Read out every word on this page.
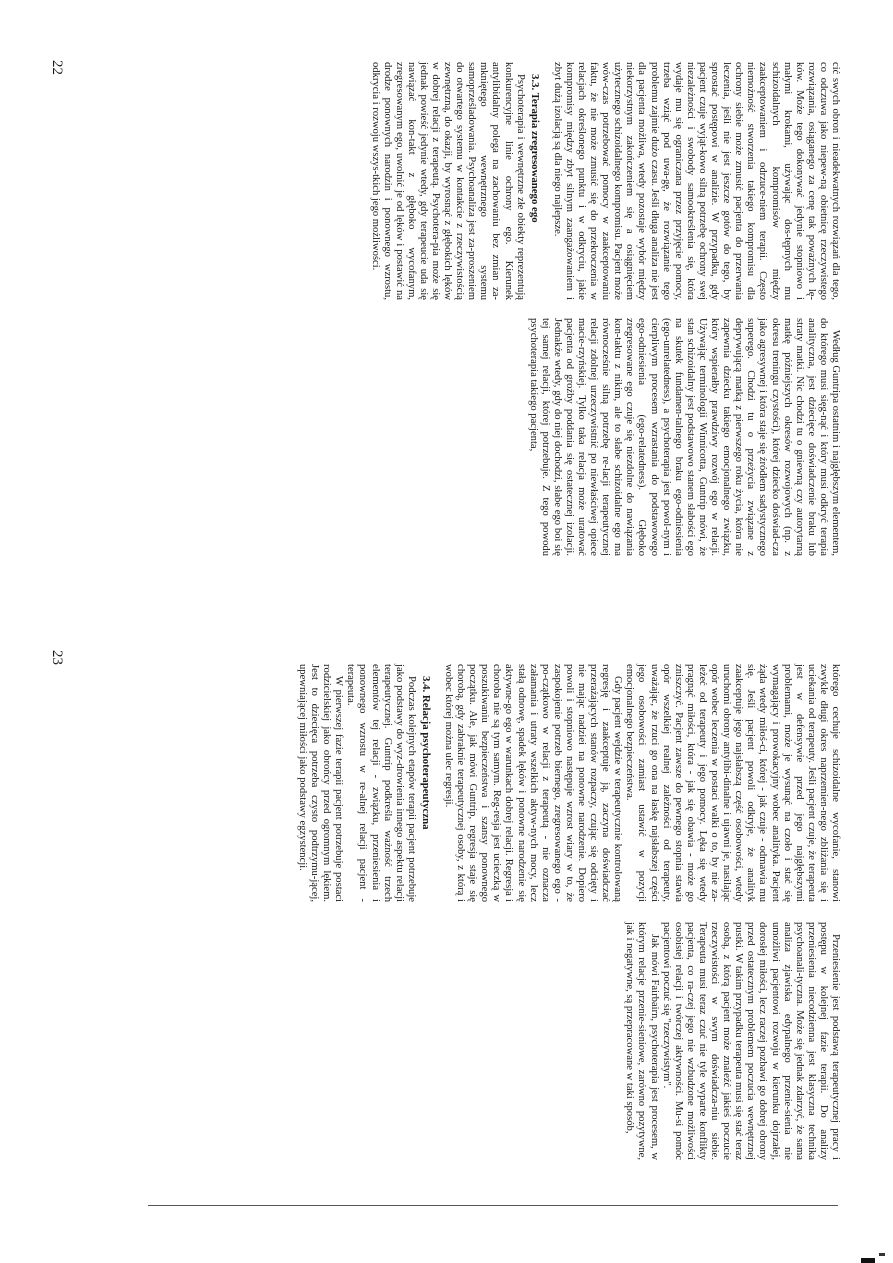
cić swych obron i nieadekwatnych rozwiązań dla tego, co odczuwa jako niepew-ną obietnicę rzeczywistego rozwiązania, osiąganego za cenę tak poważnych lę-ków. Może tego dokonywać jedynie stopniowo i małymi krokami, używając dos-tępnych mu schizoidalnych kompromisów między zaakceptowaniem i odrzuce-niem terapii. Często niemożność stworzenia takiego kompromisu dla ochrony siebie może zmusić pacjenta do przerwania leczenia, jeśli nie jest jeszcze gotów do tego, by sprostać postępowi w analizie. W przypadku, gdy pacjent czuje wyjąt-kowo silną potrzebę ochrony swej niezależności i swobody samookreślenia się, która wydaje mu się ograniczana przez przyjęcie pomocy, trzeba wziąć pod uwa-gę, że rozwiązanie tego problemu zajmie dużo czasu. Jeśli długa analiza nie jest dla pacjenta możliwa, wtedy pozostaje wybór między niekorzystnym zakończeniem się a osiągnięciem użytecznego schizoidalnego kompromisu. Pacjent może wów-czas potrzebować pomocy w zaakceptowaniu faktu, że nie może zmusić się do przekroczenia w relacjach określonego punktu i w odkryciu, jakie kompromisy między zbyt silnym zaangażowaniem i zbyt dużą izolacją są dla niego najlepsze.

3.3. Terapia zregresowanego ego

Psychoterapia i wewnętrzne złe obiekty reprezentują konkurencyjne linie ochrony ego. Kierunek antylibidalny polega na zachowaniu bez zmian za-mkniętego wewnętrznego systemu samoprześladowania. Psychoanaliza jest za-proszeniem do otwartego systemu w kontakcie z rzeczywistością zewnętrzną, do okazji, by wyrosnąć z głębokich lęków w dobrej relacji z terapeutą. Psychotera-pia może się jednak powieść jedynie wtedy, gdy terapeucie uda się nawiązać kon-takt z głęboko wycofanym, zregresowanym ego, uwolnić je od lęków i postawić na drodze ponownych narodzin i ponownego wzrostu, odkrycia i rozwoju wszys-tkich jego możliwości.

Według Guntripa ostatnim i najgłębszym elementem, do którego musi sięg-nąć i który musi odkryć terapia analityczna, jest dziecięce doświadczenie braku lub straty matki. Nic chodzi tu o gniewną czy autorytarną matkę późniejszych okresów rozwojowych (np. z okresu treningu czystości), której dziecko doświad-cza jako agresywnej i która staje się źródłem sadystycznego superego. Chodzi tu o przeżycia związane z deprywującą matką z pierwszego roku życia, która nie zapewnia dziecku takiego emocjonalnego związku, który wspierałby prawdziwy rozwój ego w relacji. Używając terminologii Winnicotta, Guntrip mówi, że stan schizoidalny jest podstawowo stanem słabości ego na skutek fundamen-talnego braku ego-odniesienia (ego-unrelatedness), a psychoterapia jest powol-nym i cierpliwym procesem wzrastania do podstawowego ego-odniesienia (ego-relatedness). Głęboko zregresowane ego czuje się niezdolne do nawiązania kon-taktu z nikim, ale to słabe schizoidalne ego ma równocześnie silną potrzebę re-lacji terapeutycznej relacji zdolnej urzeczywistnić po niewłaściwej opiece macie-rzyńskiej. Tylko taka relacja może uratować pacjenta od groźby poddania się ostatecznej izolacji. Jednakże wtedy, gdy do niej dochodzi, słabe ego boi się tej samej relacji, której potrzebuje. Z tego powodu psychoterapia takiego pacjenta,

22

którego cechuje schizoidalne wycofanie, stanowi zwykle długi okres naprzemien-nego zbliżania się i uciekania od terapeuty. Jeśli pacjent czuje, że terapeuta jest w defensywie przed jego najgłębszymi problemami, może je wysunąć na czoło i stać się wymagający i prowokacyjny wobec analityka. Pacjent żąda wtedy miłoś-ci, której - jak czuje - odmawia mu się. Jeśli pacjent powoli odkryje, że analityk zaakceptuje jego najsłabszą część osobowości, wtedy uruchomi obrony antylibi-dinalne i ujawni je, nasilając opór wobec leczenia w postaci walki o to, by nie za-leżeć od terapeuty i jego pomocy. Lęka się wtedy pragnąć miłości, która - jak się obawia - może go zniszczyć. Pacjent zawsze do pewnego stopnia stawia opór wszelkiej realnej zależności od terapeuty, uważając, że rzuci go ona na łaskę najsłabszej części jego osobowości zamiast ustawić w pozycji emocjonalnego bezpieczeństwa.

Gdy pacjent wejdzie w terapeutycznie kontrolowaną regresję i zaakceptuje ją, zaczyna doświadczać przerażających stanów rozpaczy, czując się odcięty i nie mając nadziei na ponowne narodzenie. Dopiero powoli i stopniowo następuje wzrost wiary w to, że zaspokojenie potrzeb biernego, zregresowanego ego - po-czątkowo w relacji z terapeutą - nie oznacza załamania i utraty wszelkich aktyw-nych mocy, lecz stałą odnowę, spadek lęków i ponowne narodzenie się aktywne-go ego w warunkach dobrej relacji. Regresja i choroba nie są tym samym. Reg-resja jest ucieczką w poszukiwaniu bezpieczeństwa i szansy ponownego początku. Ale, jak mówi Guntrip, regresja staje się chorobą, gdy zabraknie terapeutycznej osoby, z którą i wobec której można ulec regresji.

3.4. Relacja psychoterapeutyczna

Podczas kolejnych etapów terapii pacjent potrzebuje jako podstawy do wyz-drowienia innego aspektu relacji terapeutycznej. Guntrip podkreśla ważność trzech elementów tej relacji - związku, przeniesienia i ponownego wzrostu w re-alnej relacji pacjent - terapeuta.

W pierwszej fazie terapii pacjent potrzebuje postaci rodzicielskiej jako obrońcy przed ogromnym lękiem. Jest to dziecięca potrzeba czysto podtrzymu-jącej, upewniającej miłości jako podstawy egzystencji.

Przeniesienie jest podstawą terapeutycznej pracy i postępu w kolejnej fazie terapii. Do analizy przeniesienia niecodzienna jest klasyczna technika psychoanali-tyczna. Może się jednak zdarzyć, że sama analiza zjawiska edypalnego przenie-sienia nie umożliwi pacjentowi rozwoju w kierunku dojrzałej, dorosłej miłości, lecz raczej pozbawi go dobrej obrony przed ostatecznym problemem poczucia wewnętrznej pustki. W takim przypadku terapeuta musi się stać teraz osobą, z którą pacjent może znaleźć jakieś poczucie rzeczywistości w swym doświadcza-niu siebie. Terapeuta musi teraz czuć nie tyle wyparte konflikty pacjenta, co ra-czej jego nie wzbudzone możliwości osobistej relacji i twórczej aktywności. Mu-si pomóc pacjentowi poczuć się "rzeczywistym".

Jak mówi Fairbairn, psychoterapia jest procesem, w którym relacje przenie-sieniowe, zarówno pozytywne, jak i negatywne, są przepracowane w taki sposób,

23
